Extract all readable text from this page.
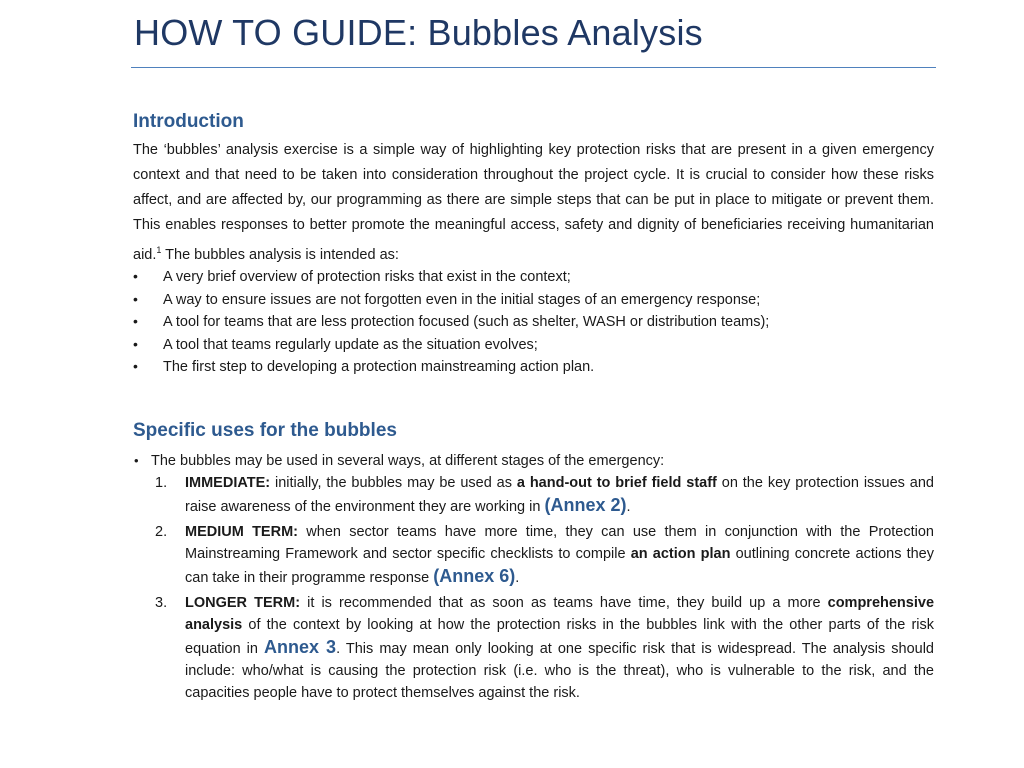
HOW TO GUIDE: Bubbles Analysis
Introduction
The ‘bubbles’ analysis exercise is a simple way of highlighting key protection risks that are present in a given emergency context and that need to be taken into consideration throughout the project cycle. It is crucial to consider how these risks affect, and are affected by, our programming as there are simple steps that can be put in place to mitigate or prevent them. This enables responses to better promote the meaningful access, safety and dignity of beneficiaries receiving humanitarian aid.$^1$ The bubbles analysis is intended as:
• A very brief overview of protection risks that exist in the context;
• A way to ensure issues are not forgotten even in the initial stages of an emergency response;
• A tool for teams that are less protection focused (such as shelter, WASH or distribution teams);
• A tool that teams regularly update as the situation evolves;
• The first step to developing a protection mainstreaming action plan.
Specific uses for the bubbles
• The bubbles may be used in several ways, at different stages of the emergency:
1. IMMEDIATE: initially, the bubbles may be used as a hand-out to brief field staff on the key protection issues and raise awareness of the environment they are working in (Annex 2).
2. MEDIUM TERM: when sector teams have more time, they can use them in conjunction with the Protection Mainstreaming Framework and sector specific checklists to compile an action plan outlining concrete actions they can take in their programme response (Annex 6).
3. LONGER TERM: it is recommended that as soon as teams have time, they build up a more comprehensive analysis of the context by looking at how the protection risks in the bubbles link with the other parts of the risk equation in Annex 3. This may mean only looking at one specific risk that is widespread. The analysis should include: who/what is causing the protection risk (i.e. who is the threat), who is vulnerable to the risk, and the capacities people have to protect themselves against the risk.
